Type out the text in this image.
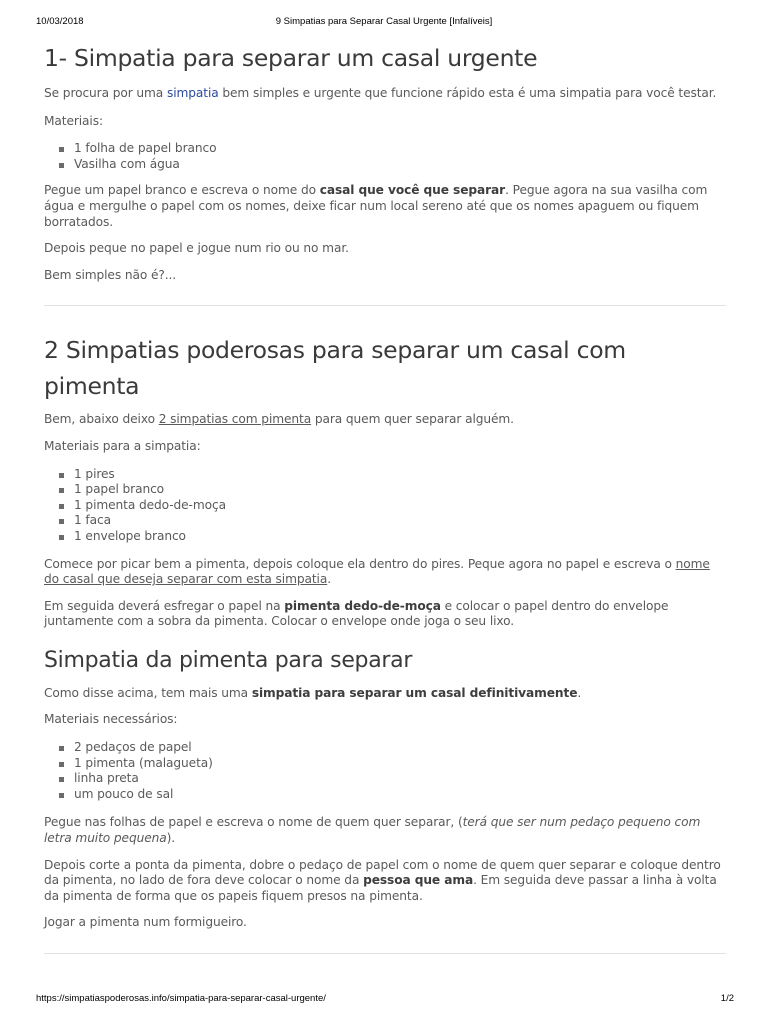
10/03/2018	9 Simpatias para Separar Casal Urgente [Infalíveis]
1- Simpatia para separar um casal urgente

Se procura por uma simpatia bem simples e urgente que funcione rápido esta é uma simpatia para você testar.

Materiais:

1 folha de papel branco
Vasilha com água

Pegue um papel branco e escreva o nome do casal que você que separar. Pegue agora na sua vasilha com água e mergulhe o papel com os nomes, deixe ficar num local sereno até que os nomes apaguem ou fiquem borratados.

Depois peque no papel e jogue num rio ou no mar.

Bem simples não é?...

2 Simpatias poderosas para separar um casal com pimenta

Bem, abaixo deixo 2 simpatias com pimenta para quem quer separar alguém.

Materiais para a simpatia:

1 pires
1 papel branco
1 pimenta dedo-de-moça
1 faca
1 envelope branco

Comece por picar bem a pimenta, depois coloque ela dentro do pires. Peque agora no papel e escreva o nome do casal que deseja separar com esta simpatia.

Em seguida deverá esfregar o papel na pimenta dedo-de-moça e colocar o papel dentro do envelope juntamente com a sobra da pimenta. Colocar o envelope onde joga o seu lixo.

Simpatia da pimenta para separar

Como disse acima, tem mais uma simpatia para separar um casal definitivamente.

Materiais necessários:

2 pedaços de papel
1 pimenta (malagueta)
linha preta
um pouco de sal

Pegue nas folhas de papel e escreva o nome de quem quer separar, (terá que ser num pedaço pequeno com letra muito pequena).

Depois corte a ponta da pimenta, dobre o pedaço de papel com o nome de quem quer separar e coloque dentro da pimenta, no lado de fora deve colocar o nome da pessoa que ama. Em seguida deve passar a linha à volta da pimenta de forma que os papeis fiquem presos na pimenta.

Jogar a pimenta num formigueiro.

https://simpatiaspoderosas.info/simpatia-para-separar-casal-urgente/	1/2
